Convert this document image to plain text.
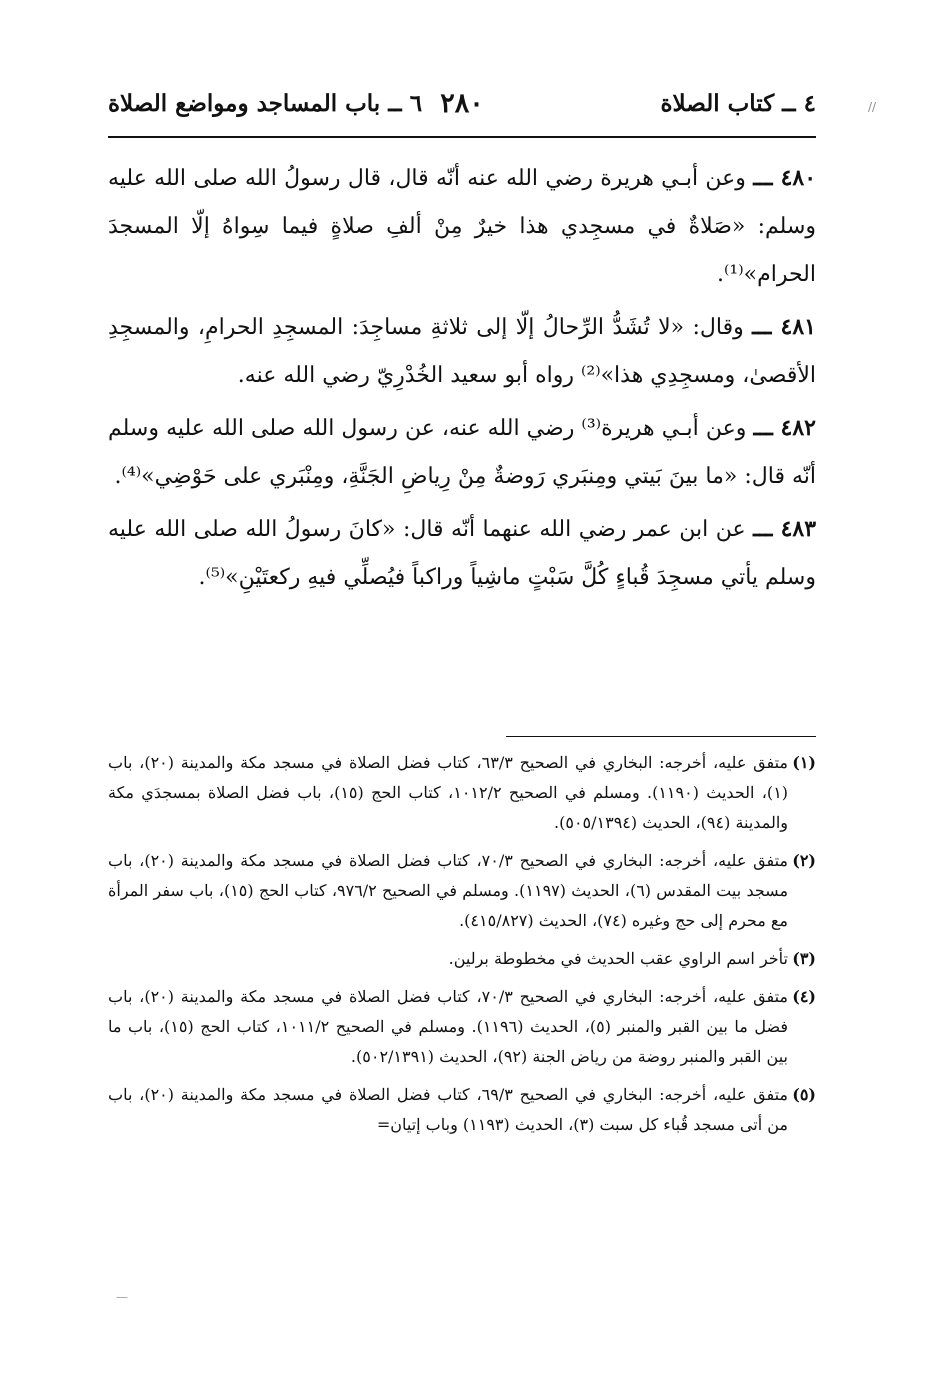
//
٤ ــ كتاب الصلاة
٢٨٠
٦ ــ باب المساجد ومواضع الصلاة

٤٨٠ ـــ وعن أبـي هريرة رضي الله عنه أنّه قال، قال رسولُ الله صلى الله عليه وسلم: «صَلاةٌ في مسجِدي هذا خيرٌ مِنْ ألفِ صلاةٍ فيما سِواهُ إلّا المسجدَ الحرام»⁽¹⁾.

٤٨١ ـــ وقال: «لا تُشَدُّ الرِّحالُ إلّا إلى ثلاثةِ مساجِدَ: المسجِدِ الحرامِ، والمسجِدِ الأقصىٰ، ومسجِدِي هذا»⁽²⁾ رواه أبو سعيد الخُدْرِيّ رضي الله عنه.

٤٨٢ ـــ وعن أبـي هريرة⁽³⁾ رضي الله عنه، عن رسول الله صلى الله عليه وسلم أنّه قال: «ما بينَ بَيتي ومِنبَري رَوضةٌ مِنْ رِياضِ الجَنَّةِ، ومِنْبَري على حَوْضِي»⁽⁴⁾.

٤٨٣ ـــ عن ابن عمر رضي الله عنهما أنّه قال: «كانَ رسولُ الله صلى الله عليه وسلم يأتي مسجِدَ قُباءٍ كُلَّ سَبْتٍ ماشِياً وراكباً فيُصلِّي فيهِ ركعتَيْنِ»⁽⁵⁾.

(١)
متفق عليه، أخرجه: البخاري في الصحيح ٦٣/٣، كتاب فضل الصلاة في مسجد مكة والمدينة (٢٠)، باب (١)، الحديث (١١٩٠). ومسلم في الصحيح ١٠١٢/٢، كتاب الحج (١٥)، باب فضل الصلاة بمسجدَي مكة والمدينة (٩٤)، الحديث (٥٠٥/١٣٩٤).

(٢)
متفق عليه، أخرجه: البخاري في الصحيح ٧٠/٣، كتاب فضل الصلاة في مسجد مكة والمدينة (٢٠)، باب مسجد بيت المقدس (٦)، الحديث (١١٩٧). ومسلم في الصحيح ٩٧٦/٢، كتاب الحج (١٥)، باب سفر المرأة مع محرم إلى حج وغيره (٧٤)، الحديث (٤١٥/٨٢٧).

(٣)
تأخر اسم الراوي عقب الحديث في مخطوطة برلين.

(٤)
متفق عليه، أخرجه: البخاري في الصحيح ٧٠/٣، كتاب فضل الصلاة في مسجد مكة والمدينة (٢٠)، باب فضل ما بين القبر والمنبر (٥)، الحديث (١١٩٦). ومسلم في الصحيح ١٠١١/٢، كتاب الحج (١٥)، باب ما بين القبر والمنبر روضة من رياض الجنة (٩٢)، الحديث (٥٠٢/١٣٩١).

(٥)
متفق عليه، أخرجه: البخاري في الصحيح ٦٩/٣، كتاب فضل الصلاة في مسجد مكة والمدينة (٢٠)، باب من أتى مسجد قُباء كل سبت (٣)، الحديث (١١٩٣) وباب إتيان=

—
